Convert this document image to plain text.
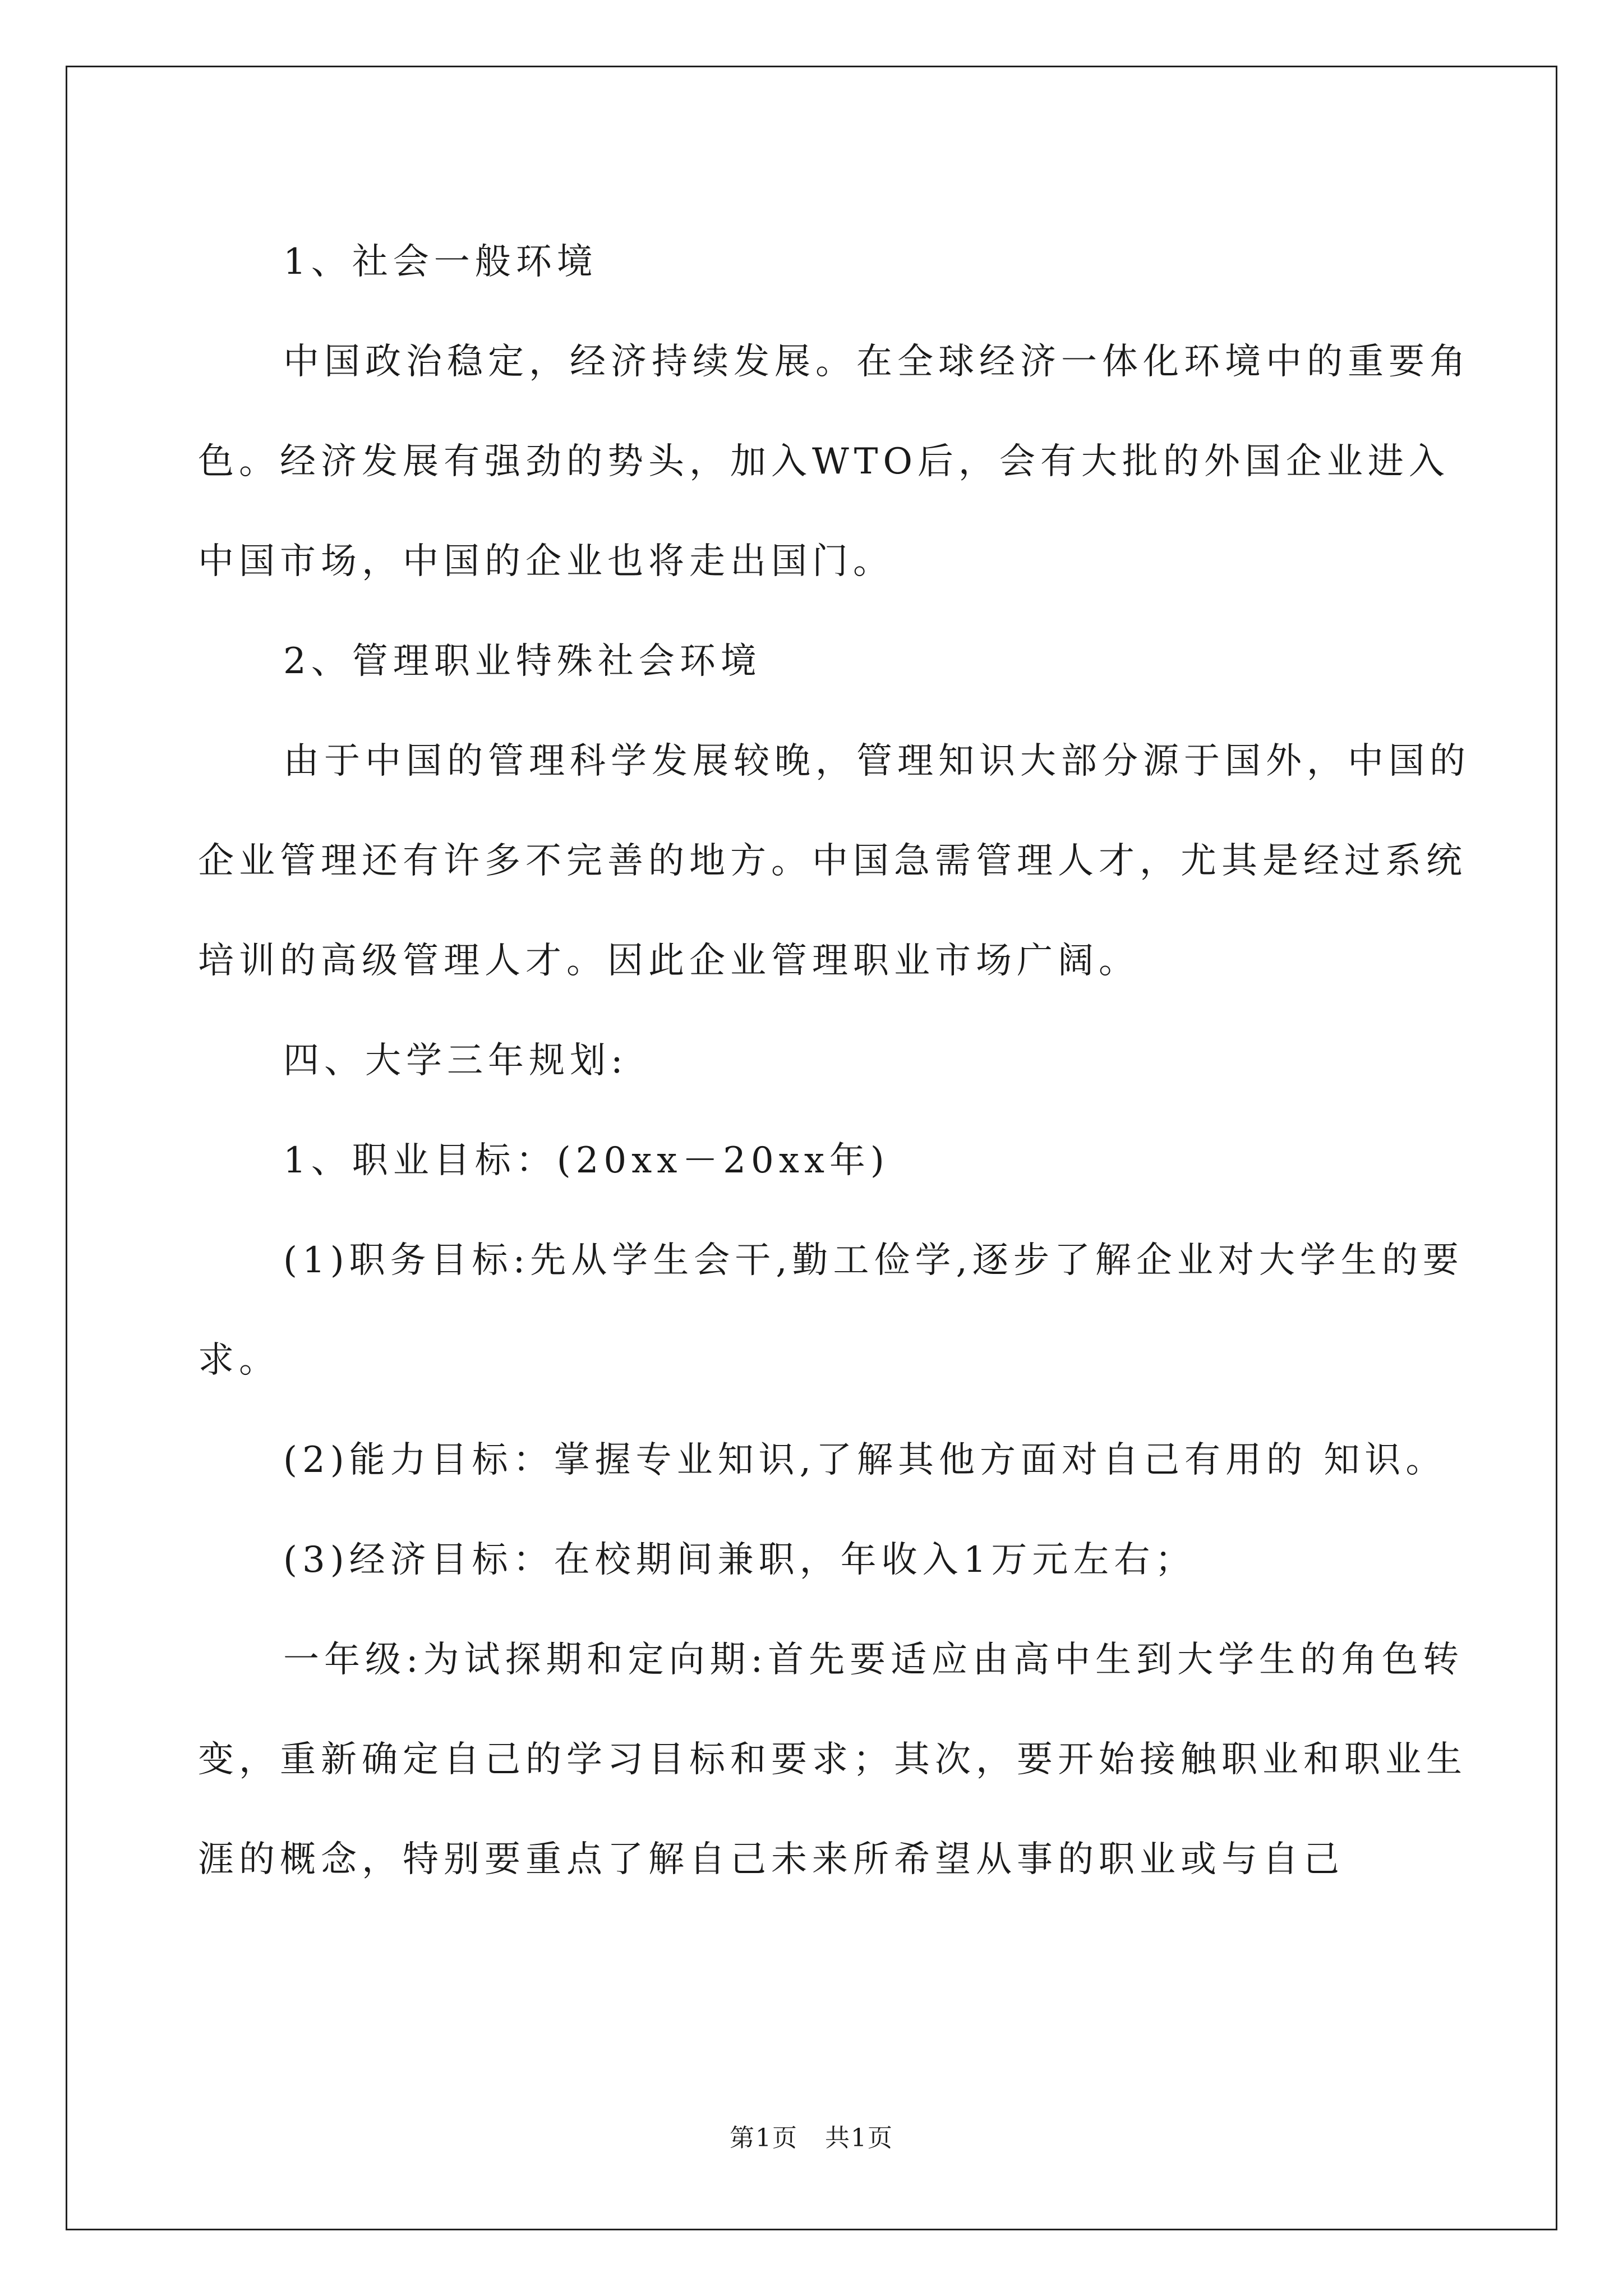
1、社会一般环境

中国政治稳定，经济持续发展。在全球经济一体化环境中的重要角色。经济发展有强劲的势头，加入WTO后，会有大批的外国企业进入中国市场，中国的企业也将走出国门。

2、管理职业特殊社会环境

由于中国的管理科学发展较晚，管理知识大部分源于国外，中国的企业管理还有许多不完善的地方。中国急需管理人才，尤其是经过系统培训的高级管理人才。因此企业管理职业市场广阔。

四、大学三年规划:

1、职业目标：(20xx－20xx年)

(1)职务目标:先从学生会干,勤工俭学,逐步了解企业对大学生的要求。

(2)能力目标：掌握专业知识,了解其他方面对自己有用的 知识。

(3)经济目标：在校期间兼职，年收入1万元左右；

一年级:为试探期和定向期:首先要适应由高中生到大学生的角色转变，重新确定自己的学习目标和要求；其次，要开始接触职业和职业生涯的概念，特别要重点了解自己未来所希望从事的职业或与自己

第1页 共1页
